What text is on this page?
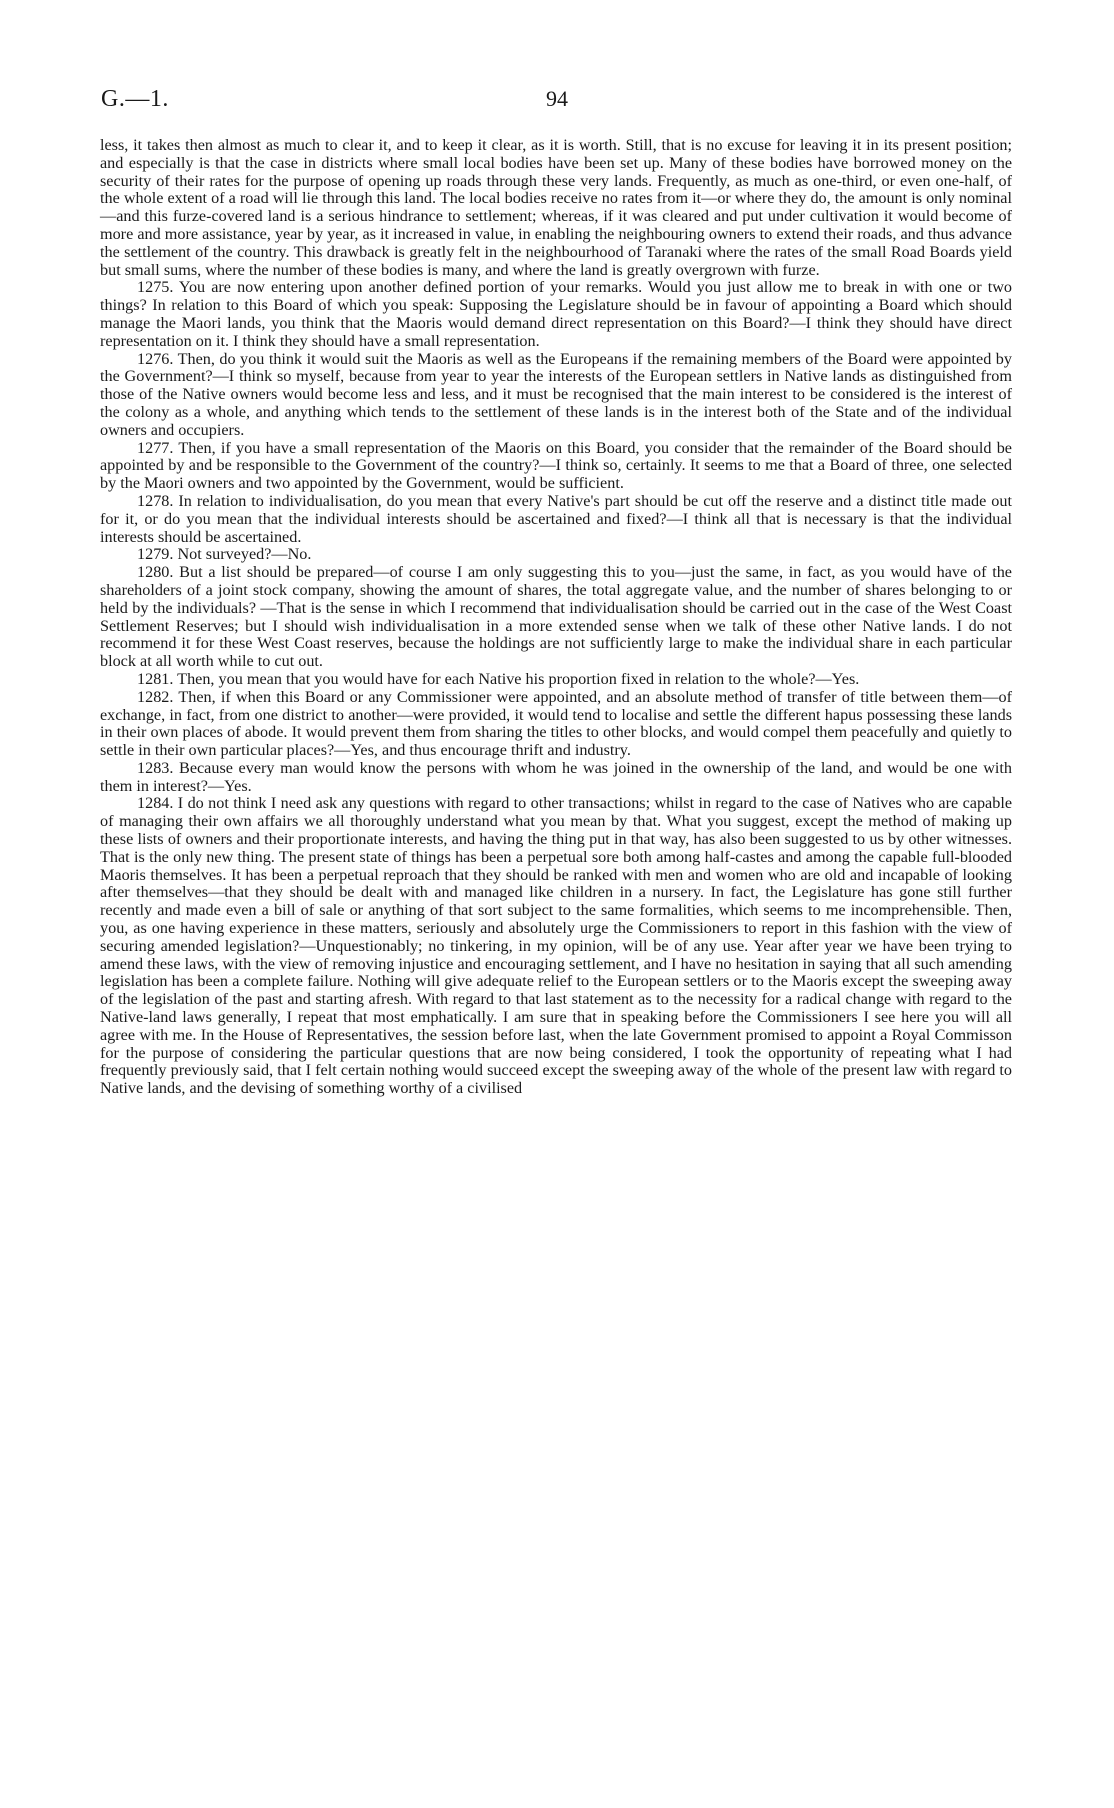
G.—1.	94

less, it takes then almost as much to clear it, and to keep it clear, as it is worth. Still, that is no excuse for leaving it in its present position; and especially is that the case in districts where small local bodies have been set up. Many of these bodies have borrowed money on the security of their rates for the purpose of opening up roads through these very lands. Frequently, as much as one-third, or even one-half, of the whole extent of a road will lie through this land. The local bodies receive no rates from it—or where they do, the amount is only nominal—and this furze-covered land is a serious hindrance to settlement; whereas, if it was cleared and put under cultivation it would become of more and more assistance, year by year, as it increased in value, in enabling the neighbouring owners to extend their roads, and thus advance the settlement of the country. This drawback is greatly felt in the neighbourhood of Taranaki where the rates of the small Road Boards yield but small sums, where the number of these bodies is many, and where the land is greatly overgrown with furze.

1275. You are now entering upon another defined portion of your remarks. Would you just allow me to break in with one or two things? In relation to this Board of which you speak: Supposing the Legislature should be in favour of appointing a Board which should manage the Maori lands, you think that the Maoris would demand direct representation on this Board?—I think they should have direct representation on it. I think they should have a small representation.

1276. Then, do you think it would suit the Maoris as well as the Europeans if the remaining members of the Board were appointed by the Government?—I think so myself, because from year to year the interests of the European settlers in Native lands as distinguished from those of the Native owners would become less and less, and it must be recognised that the main interest to be considered is the interest of the colony as a whole, and anything which tends to the settlement of these lands is in the interest both of the State and of the individual owners and occupiers.

1277. Then, if you have a small representation of the Maoris on this Board, you consider that the remainder of the Board should be appointed by and be responsible to the Government of the country?—I think so, certainly. It seems to me that a Board of three, one selected by the Maori owners and two appointed by the Government, would be sufficient.

1278. In relation to individualisation, do you mean that every Native's part should be cut off the reserve and a distinct title made out for it, or do you mean that the individual interests should be ascertained and fixed?—I think all that is necessary is that the individual interests should be ascertained.

1279. Not surveyed?—No.

1280. But a list should be prepared—of course I am only suggesting this to you—just the same, in fact, as you would have of the shareholders of a joint stock company, showing the amount of shares, the total aggregate value, and the number of shares belonging to or held by the individuals? —That is the sense in which I recommend that individualisation should be carried out in the case of the West Coast Settlement Reserves; but I should wish individualisation in a more extended sense when we talk of these other Native lands. I do not recommend it for these West Coast reserves, because the holdings are not sufficiently large to make the individual share in each particular block at all worth while to cut out.

1281. Then, you mean that you would have for each Native his proportion fixed in relation to the whole?—Yes.

1282. Then, if when this Board or any Commissioner were appointed, and an absolute method of transfer of title between them—of exchange, in fact, from one district to another—were provided, it would tend to localise and settle the different hapus possessing these lands in their own places of abode. It would prevent them from sharing the titles to other blocks, and would compel them peacefully and quietly to settle in their own particular places?—Yes, and thus encourage thrift and industry.

1283. Because every man would know the persons with whom he was joined in the ownership of the land, and would be one with them in interest?—Yes.

1284. I do not think I need ask any questions with regard to other transactions; whilst in regard to the case of Natives who are capable of managing their own affairs we all thoroughly understand what you mean by that. What you suggest, except the method of making up these lists of owners and their proportionate interests, and having the thing put in that way, has also been suggested to us by other witnesses. That is the only new thing. The present state of things has been a perpetual sore both among half-castes and among the capable full-blooded Maoris themselves. It has been a perpetual reproach that they should be ranked with men and women who are old and incapable of looking after themselves—that they should be dealt with and managed like children in a nursery. In fact, the Legislature has gone still further recently and made even a bill of sale or anything of that sort subject to the same formalities, which seems to me incomprehensible. Then, you, as one having experience in these matters, seriously and absolutely urge the Commissioners to report in this fashion with the view of securing amended legislation?—Unquestionably; no tinkering, in my opinion, will be of any use. Year after year we have been trying to amend these laws, with the view of removing injustice and encouraging settlement, and I have no hesitation in saying that all such amending legislation has been a complete failure. Nothing will give adequate relief to the European settlers or to the Maoris except the sweeping away of the legislation of the past and starting afresh. With regard to that last statement as to the necessity for a radical change with regard to the Native-land laws generally, I repeat that most emphatically. I am sure that in speaking before the Commissioners I see here you will all agree with me. In the House of Representatives, the session before last, when the late Government promised to appoint a Royal Commisson for the purpose of considering the particular questions that are now being considered, I took the opportunity of repeating what I had frequently previously said, that I felt certain nothing would succeed except the sweeping away of the whole of the present law with regard to Native lands, and the devising of something worthy of a civilised
